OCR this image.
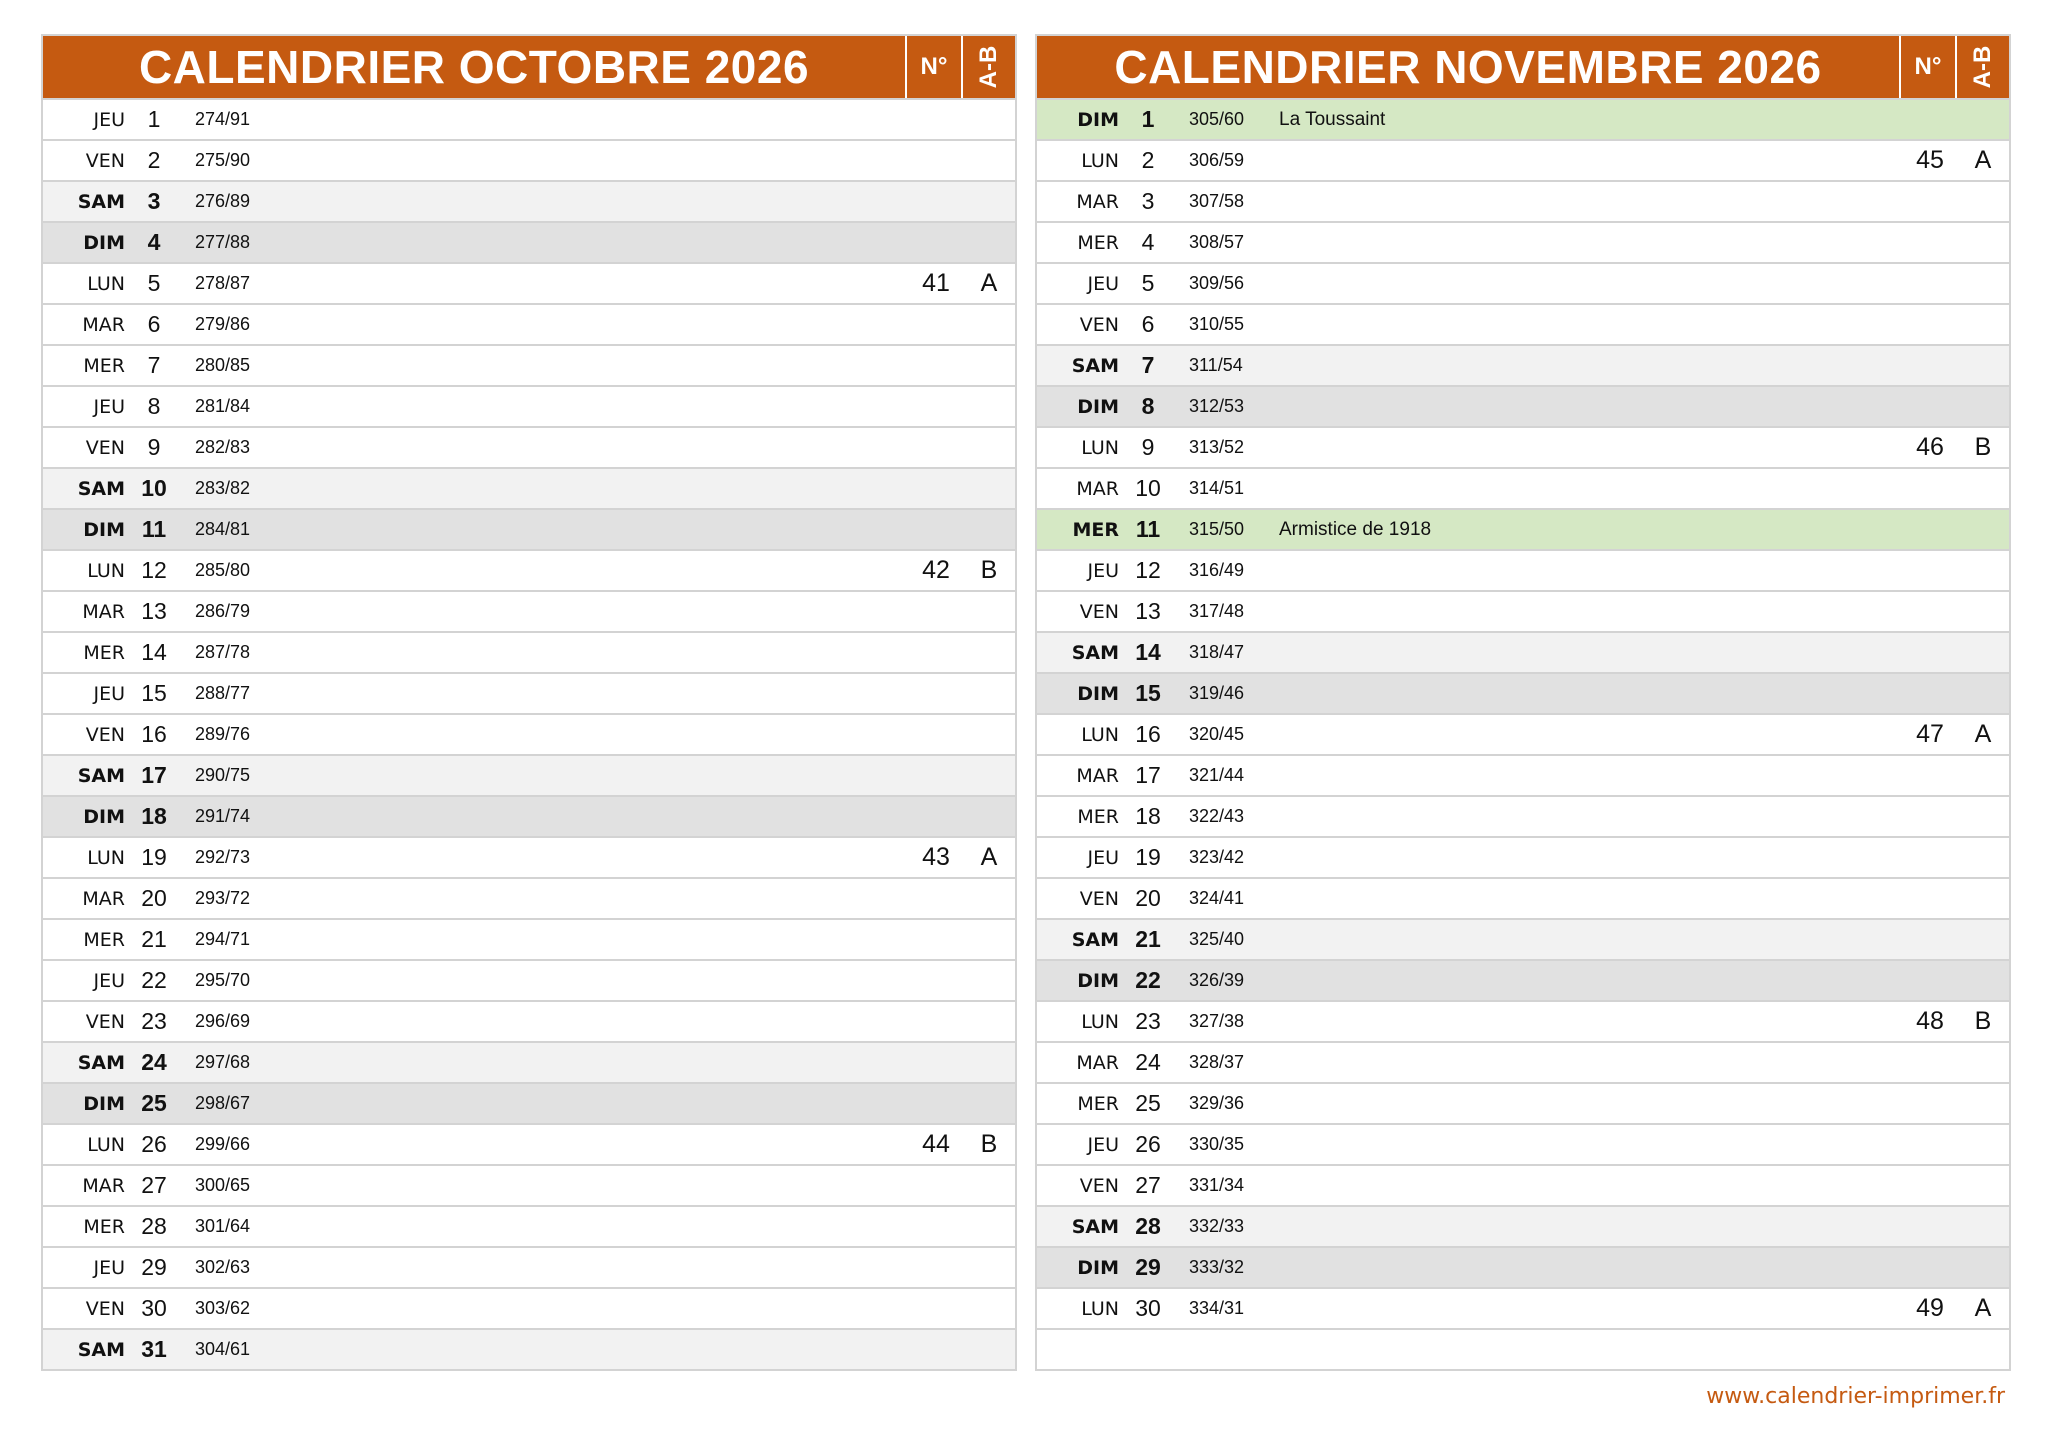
CALENDRIER OCTOBRE 2026	N°	A-B
JEU 1	274/91
VEN 2	275/90
SAM 3	276/89
DIM 4	277/88
LUN 5	278/87	41	A
MAR 6	279/86
MER 7	280/85
JEU 8	281/84
VEN 9	282/83
SAM 10	283/82
DIM 11	284/81
LUN 12	285/80	42	B
MAR 13	286/79
MER 14	287/78
JEU 15	288/77
VEN 16	289/76
SAM 17	290/75
DIM 18	291/74
LUN 19	292/73	43	A
MAR 20	293/72
MER 21	294/71
JEU 22	295/70
VEN 23	296/69
SAM 24	297/68
DIM 25	298/67
LUN 26	299/66	44	B
MAR 27	300/65
MER 28	301/64
JEU 29	302/63
VEN 30	303/62
SAM 31	304/61
CALENDRIER NOVEMBRE 2026	N°	A-B
DIM 1	305/60	La Toussaint
LUN 2	306/59	45	A
MAR 3	307/58
MER 4	308/57
JEU 5	309/56
VEN 6	310/55
SAM 7	311/54
DIM 8	312/53
LUN 9	313/52	46	B
MAR 10	314/51
MER 11	315/50	Armistice de 1918
JEU 12	316/49
VEN 13	317/48
SAM 14	318/47
DIM 15	319/46
LUN 16	320/45	47	A
MAR 17	321/44
MER 18	322/43
JEU 19	323/42
VEN 20	324/41
SAM 21	325/40
DIM 22	326/39
LUN 23	327/38	48	B
MAR 24	328/37
MER 25	329/36
JEU 26	330/35
VEN 27	331/34
SAM 28	332/33
DIM 29	333/32
LUN 30	334/31	49	A
www.calendrier-imprimer.fr
